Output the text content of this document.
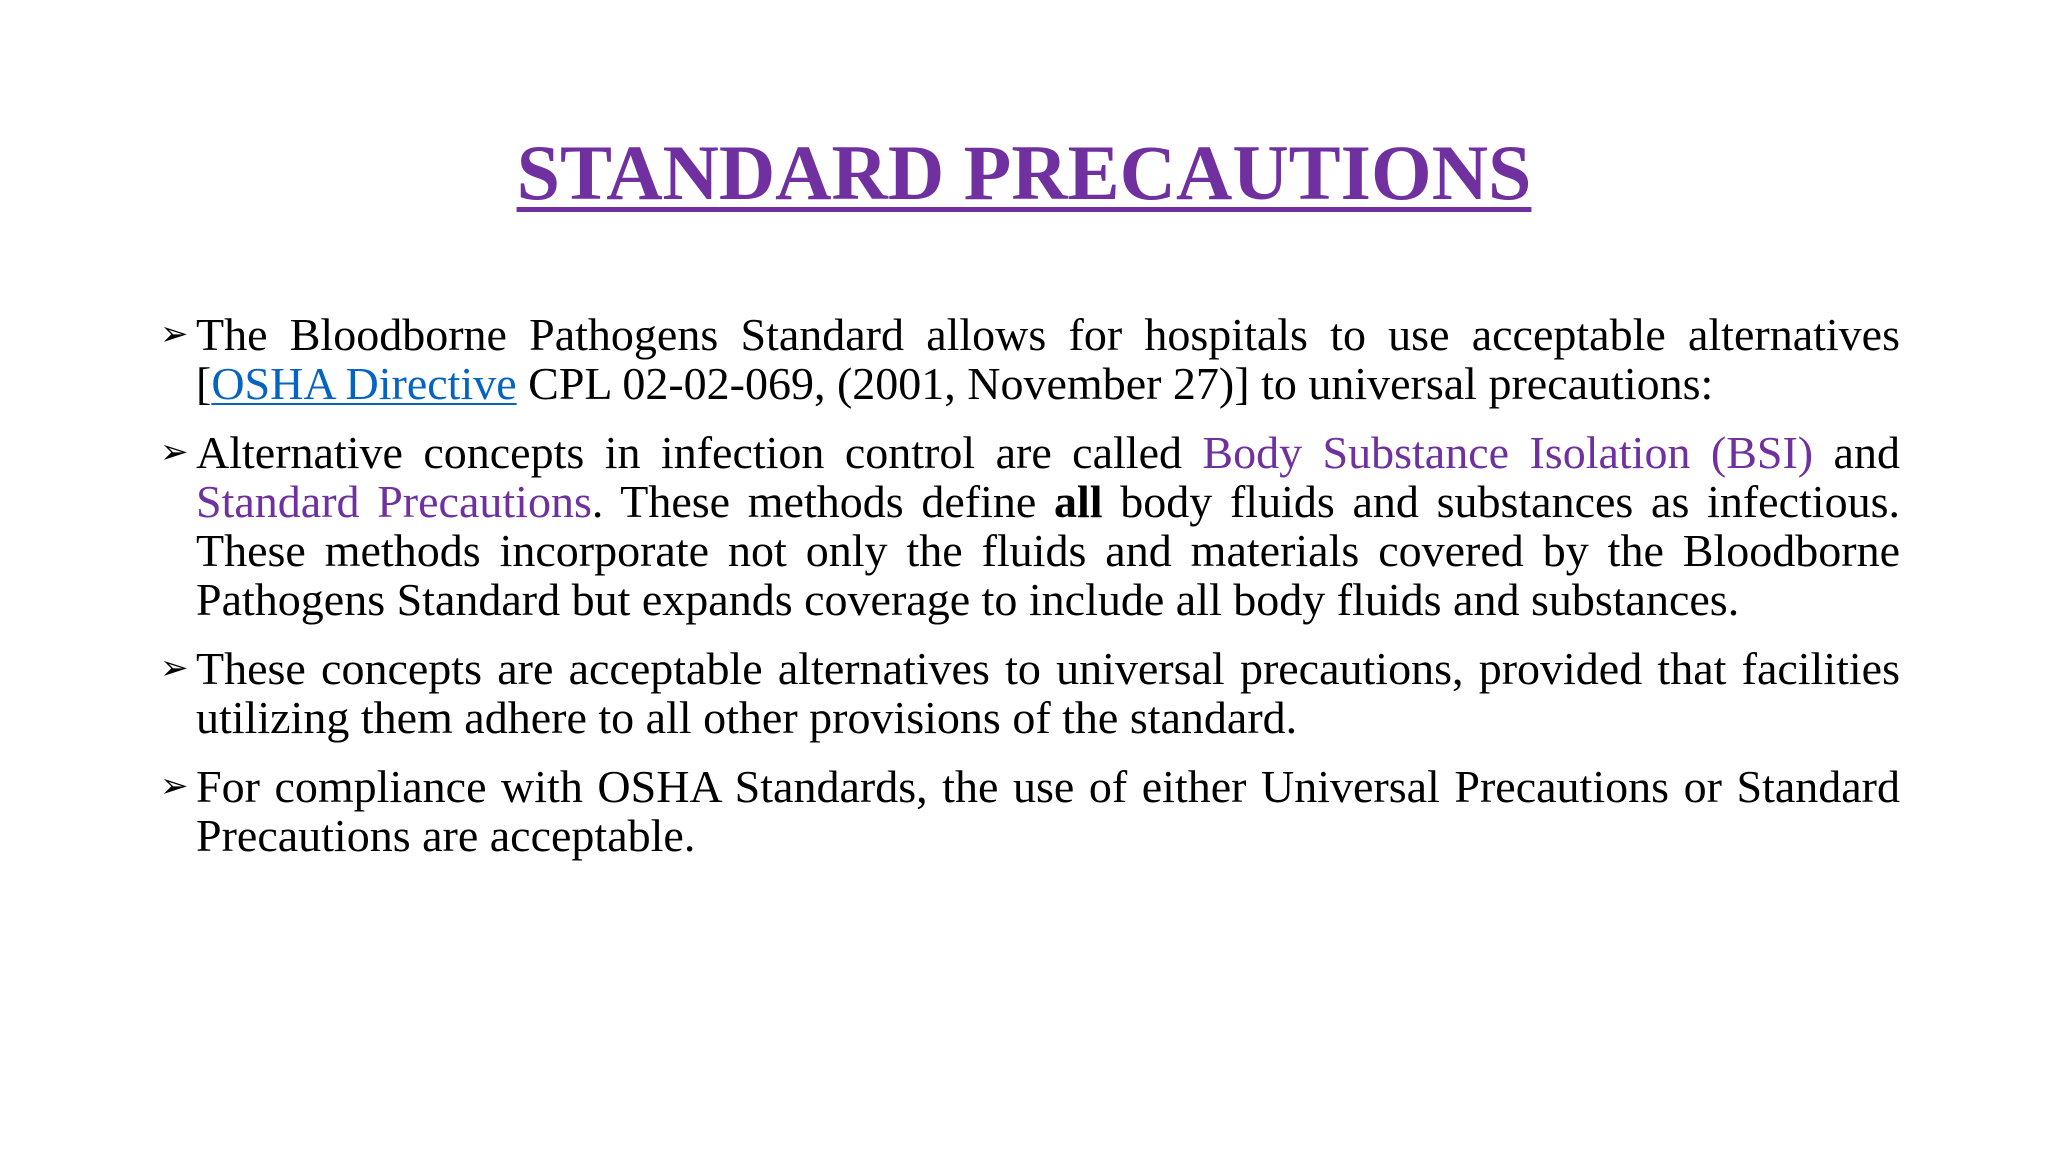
STANDARD PRECAUTIONS
➢ The Bloodborne Pathogens Standard allows for hospitals to use acceptable alternatives [OSHA Directive CPL 02-02-069, (2001, November 27)] to universal precautions:
➢ Alternative concepts in infection control are called Body Substance Isolation (BSI) and Standard Precautions. These methods define all body fluids and substances as infectious. These methods incorporate not only the fluids and materials covered by the Bloodborne Pathogens Standard but expands coverage to include all body fluids and substances.
➢ These concepts are acceptable alternatives to universal precautions, provided that facilities utilizing them adhere to all other provisions of the standard.
➢ For compliance with OSHA Standards, the use of either Universal Precautions or Standard Precautions are acceptable.
